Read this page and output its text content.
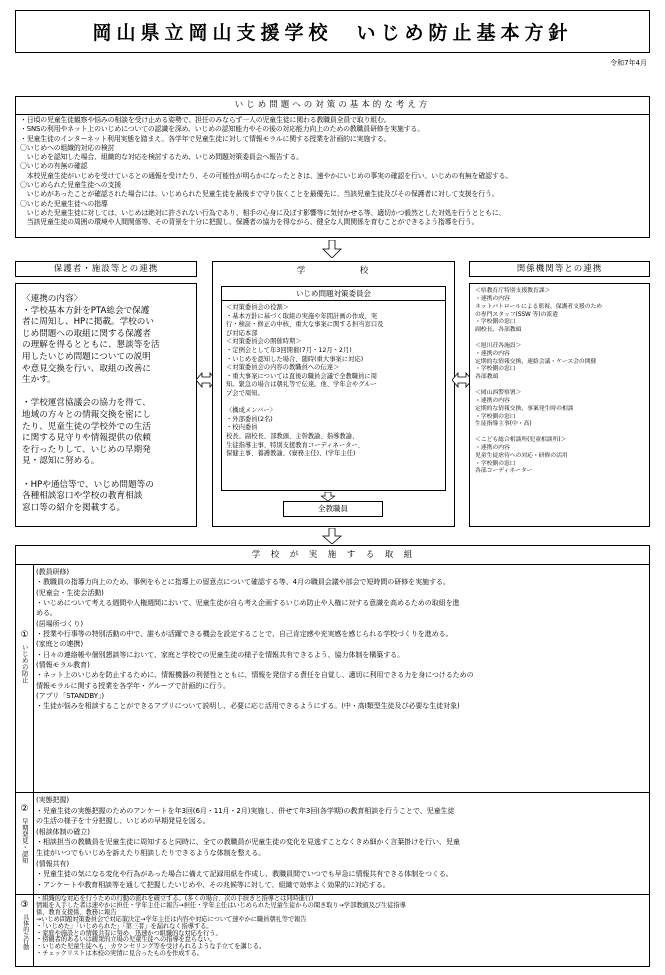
岡山県立岡山支援学校　いじめ防止基本方針
令和7年4月
いじめ問題への対策の基本的な考え方
・日頃の児童生徒観察や悩みの相談を受け止める姿勢で、担任のみならず一人の児童生徒に関わる教職員全員で取り組む。
・SNSの利用やネット上のいじめについての認識を深め、いじめの認知能力やその後の対応能力向上のための教職員研修を実施する。
・児童生徒のインターネット利用実態を踏まえ、各学年で児童生徒に対して情報モラルに関する授業を計画的に実施する。
〇いじめへの組織的対応の検討
　いじめを認知した場合、組織的な対応を検討するため、いじめ問題対策委員会へ報告する。
〇いじめの有無の確認
　本校児童生徒がいじめを受けているとの通報を受けたり、その可能性が明らかになったときは、速やかにいじめの事実の確認を行い、いじめの有無を確認する。
〇いじめられた児童生徒への支援
　いじめがあったことが確認された場合には、いじめられた児童生徒を最後まで守り抜くことを最優先に、当該児童生徒及びその保護者に対して支援を行う。
〇いじめた児童生徒への指導
　いじめた児童生徒に対しては、いじめは絶対に許されない行為であり、相手の心身に及ぼす影響等に気付かせる等、適切かつ毅然とした対処を行うとともに、
　当該児童生徒の周囲の環境や人間関係等、その背景を十分に把握し、保護者の協力を得ながら、健全な人間関係を育むことができるよう指導を行う。
保護者・施設等との連携
〈連携の内容〉
・学校基本方針をPTA総会で保護
者に周知し、HPに掲載。学校のい
じめ問題への取組に関する保護者
の理解を得るとともに、懇談等を活
用したいじめ問題についての説明
や意見交換を行い、取組の改善に
生かす。

・学校運営協議会の協力を得て、
地域の方々との情報交換を密にし
たり、児童生徒の学校外での生活
に関する見守りや情報提供の依頼
を行ったりして、いじめの早期発
見・認知に努める。

・HPや通信等で、いじめ問題等の
各種相談窓口や学校の教育相談
窓口等の紹介を掲載する。
学　　　　　校
いじめ問題対策委員会
＜対策委員会の役割＞
・基本方針に基づく取組の実施や年間計画の作成、実
行・検証・修正の中核、重大な事案に関する担当窓口及
び対応本部
＜対策委員会の開催時期＞
・定例会として年3回開催(7月・12月・2月)
・いじめを認知した場合、随時(重大事案に対応)
＜対策委員会の内容の教職員への伝達＞
・重大事案については直後の職員会議で全教職員に周
知。緊急の場合は朝礼等で伝達。他、学年会やグルー
プ会で周知。

〈構成メンバー〉
・外部委員(2名)
・校内委員
校長、副校長、部教頭、主幹教諭、指導教諭、
生徒指導主事、特別支援教育コーディネーター、
保健主事、養護教諭、(寮務主任)、(学年主任)
全教職員
関係機関等との連携
＜県教育庁特別支援教育課＞
・連携の内容
ネットパトロールによる監視、保護者支援のため
の専門スタッフ(SSW 等)の派遣
・学校側の窓口
副校長、各部教頭

＜旭川荘各施設＞
・連携の内容
定期的な情報交換、連絡会議・ケース会の開催
・学校側の窓口
各部教頭

＜岡山西警察署＞
・連携の内容
定期的な情報交換、事案発生時の相談
・学校側の窓口
生徒指導主事(中・高)

＜こども総合相談所(児童相談所)＞
・連携の内容
児童生徒虐待への対応・研修の活用
・学校側の窓口
各部コーディネーター
学　校　が　実　施　す　る　取　組
①
いじめの防止
(教員研修)
・教職員の指導力向上のため、事例をもとに指導上の留意点について確認する等、4月の職員会議や部会で短時間の研修を実施する。
(児童会・生徒会活動)
・いじめについて考える週間や人権週間において、児童生徒が自ら考え企画するいじめ防止や人権に対する意識を高めるための取組を進
める。
(居場所づくり)
・授業や行事等の特別活動の中で、誰もが活躍できる機会を設定することで、自己肯定感や充実感を感じられる学校づくりを進める。
(家庭との連携)
・日々の連絡帳や個別懇談等において、家庭と学校での児童生徒の様子を情報共有できるよう、協力体制を構築する。
(情報モラル教育)
・ネット上のいじめを防止するために、情報機器の利便性とともに、情報を発信する責任を自覚し、適切に利用できる力を身につけるための
情報モラルに関する授業を各学年・グループで計画的に行う。
(アプリ「STANDBY」)
・生徒が悩みを相談することができるアプリについて説明し、必要に応じ活用できるようにする。(中・高Ⅰ類型生徒及び必要な生徒対象)
②
早期発見・認知
(実態把握)
・児童生徒の実態把握のためのアンケートを年3回(6月・11月・2月)実施し、併せて年3回(各学期)の教育相談を行うことで、児童生徒
の生活の様子を十分把握し、いじめの早期発見を図る。
(相談体制の確立)
・相談担当の教職員を児童生徒に周知すると同時に、全ての教職員が児童生徒の変化を見逃すことなくきめ細かく言葉掛けを行い、児童
生徒がいつでもいじめを訴えたり相談したりできるような体制を整える。
(情報共有)
・児童生徒の気になる変化や行為があった場合に備えて記録用紙を作成し、教職員間でいつでも早急に情報共有できる体制をつくる。
・アンケートや教育相談等を通して把握したいじめや、その兆候等に対して、組織で効率よく効果的に対応する。
③
具体的な行動
・組織的な対応を行うための行動の流れを確立する。(多くの場合、次の手続きと指導とは同時進行)
情報を入手した者は速やかに担任・学年主任に報告→担任・学年主任はいじめられた児童生徒からの聞き取り→学部教頭及び生徒指導
係、教育支援係、教務に報告
→いじめ問題対策委員会で対応策決定→学年主任は内容や対応について速やかに職員朝礼等で報告
・「いじめた」「いじめられた」「第三者」を漏れなく指導する。
・家庭や施設との情報共有に努め、迅速かつ組織的な対応を行う。
・傍観者的あるいは観衆的立場の児童生徒への指導を怠らない。
・いじめた児童生徒へも、カウンセリング等を受けられるような手立てを講じる。
・チェックリストは本校の実情に見合ったものを作成する。
